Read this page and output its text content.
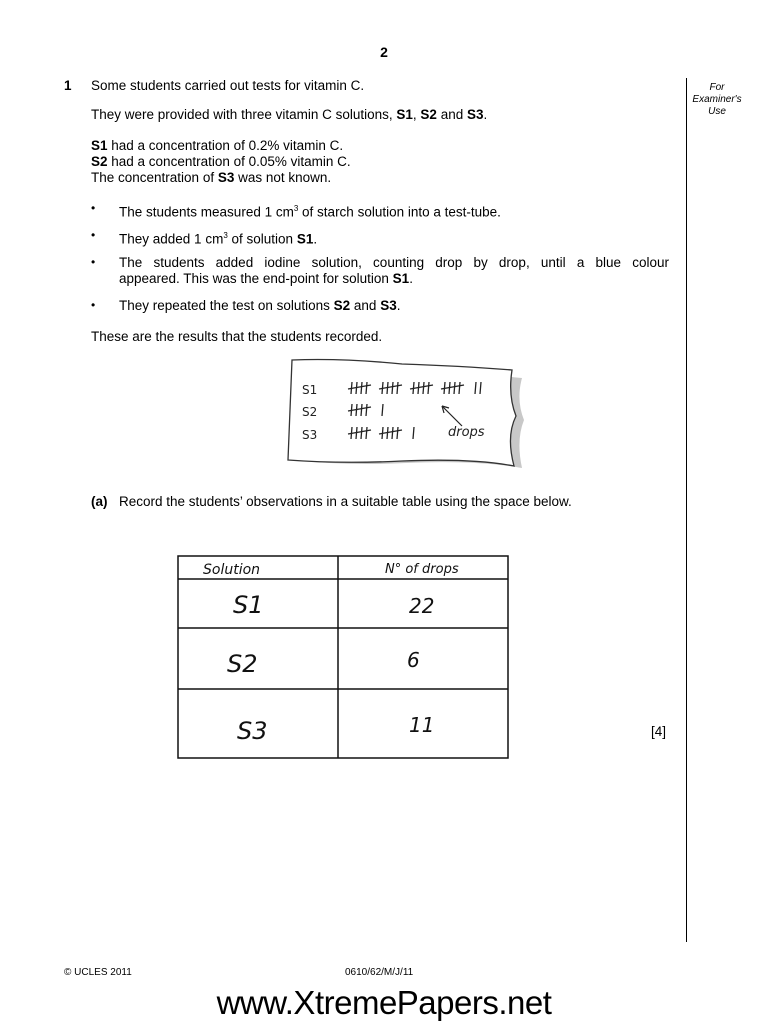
2
For
Examiner's
Use
1 Some students carried out tests for vitamin C.
They were provided with three vitamin C solutions, S1, S2 and S3.
S1 had a concentration of 0.2% vitamin C.
S2 had a concentration of 0.05% vitamin C.
The concentration of S3 was not known.
• The students measured 1 $cm^3$ of starch solution into a test-tube.
• They added 1 $cm^3$ of solution S1.
• The students added iodine solution, counting drop by drop, until a blue colour
appeared. This was the end-point for solution S1.
• They repeated the test on solutions S2 and S3.
These are the results that the students recorded.
S1
S2
S3	drops
(a) Record the students’ observations in a suitable table using the space below.
Solution	N° of drops
S1	22
S2	6
S3	11	[4]
© UCLES 2011	0610/62/M/J/11
www.XtremePapers.net
